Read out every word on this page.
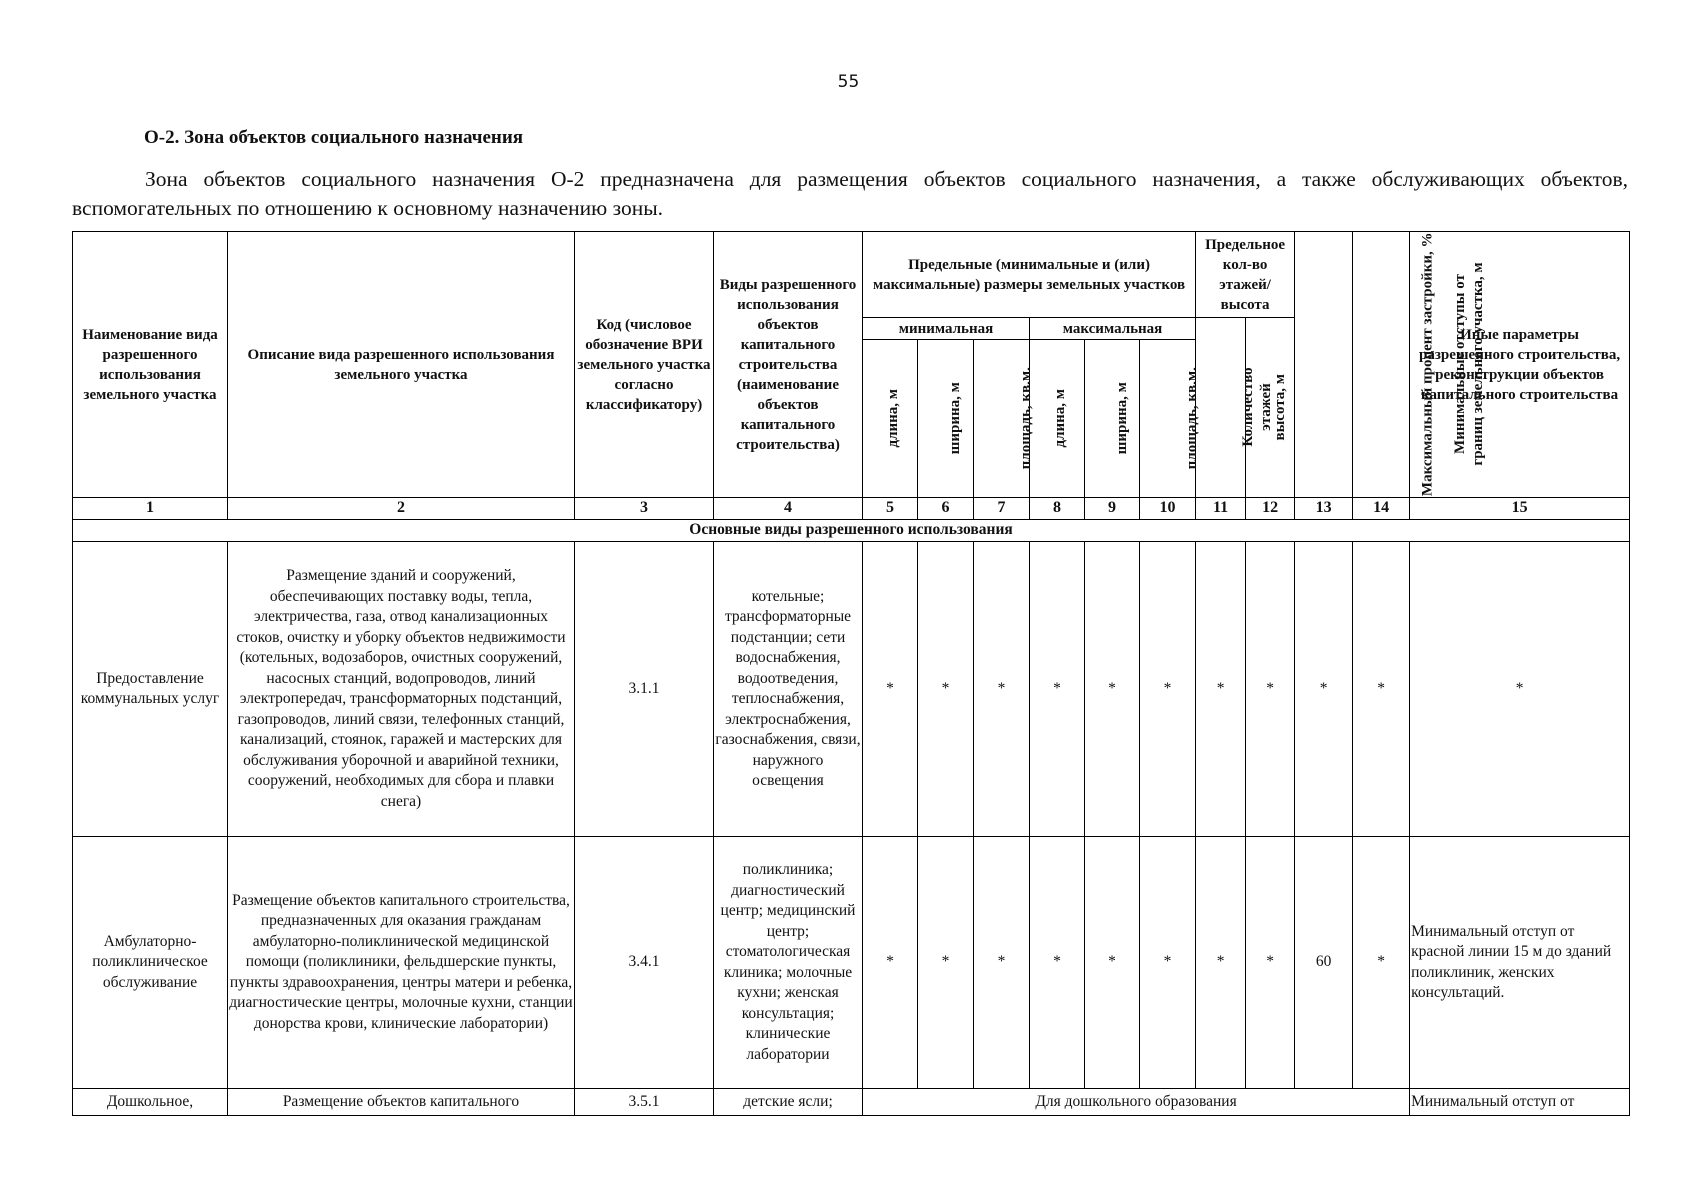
55
О-2. Зона объектов социального назначения

Зона объектов социального назначения О-2 предназначена для размещения объектов социального назначения, а также обслуживающих объектов, вспомогательных по отношению к основному назначению зоны.

Наименование вида разрешенного использования земельного участка	Описание вида разрешенного использования земельного участка	Код (числовое обозначение ВРИ земельного участка согласно классификатору)	Виды разрешенного использования объектов капитального строительства (наименование объектов капитального строительства)	Предельные (минимальные и (или) максимальные) размеры земельных участков						Предельное кол-во этажей/ высота		Максимальный процент застройки, %	Минимальные отступы от границ земельного участка, м	Иные параметры разрешенного строительства, реконструкции объектов капитального строительства
				минимальная			максимальная			Количество этажей	высота, м			
				длина, м	ширина, м	площадь, кв.м.	длина, м	ширина, м	площадь, кв.м.					
1	2	3	4	5	6	7	8	9	10	11	12	13	14	15
Основные виды разрешенного использования														
Предоставление коммунальных услуг	Размещение зданий и сооружений, обеспечивающих поставку воды, тепла, электричества, газа, отвод канализационных стоков, очистку и уборку объектов недвижимости (котельных, водозаборов, очистных сооружений, насосных станций, водопроводов, линий электропередач, трансформаторных подстанций, газопроводов, линий связи, телефонных станций, канализаций, стоянок, гаражей и мастерских для обслуживания уборочной и аварийной техники, сооружений, необходимых для сбора и плавки снега)	3.1.1	котельные; трансформаторные подстанции; сети водоснабжения, водоотведения, теплоснабжения, электроснабжения, газоснабжения, связи, наружного освещения	*	*	*	*	*	*	*	*	*	*	*
Амбулаторно-поликлиническое обслуживание	Размещение объектов капитального строительства, предназначенных для оказания гражданам амбулаторно-поликлинической медицинской помощи (поликлиники, фельдшерские пункты, пункты здравоохранения, центры матери и ребенка, диагностические центры, молочные кухни, станции донорства крови, клинические лаборатории)	3.4.1	поликлиника; диагностический центр; медицинский центр; стоматологическая клиника; молочные кухни; женская консультация; клинические лаборатории	*	*	*	*	*	*	*	*	60	*	Минимальный отступ от красной линии 15 м до зданий поликлиник, женских консультаций.
Дошкольное,	Размещение объектов капитального	3.5.1	детские ясли;	Для дошкольного образования										Минимальный отступ от
